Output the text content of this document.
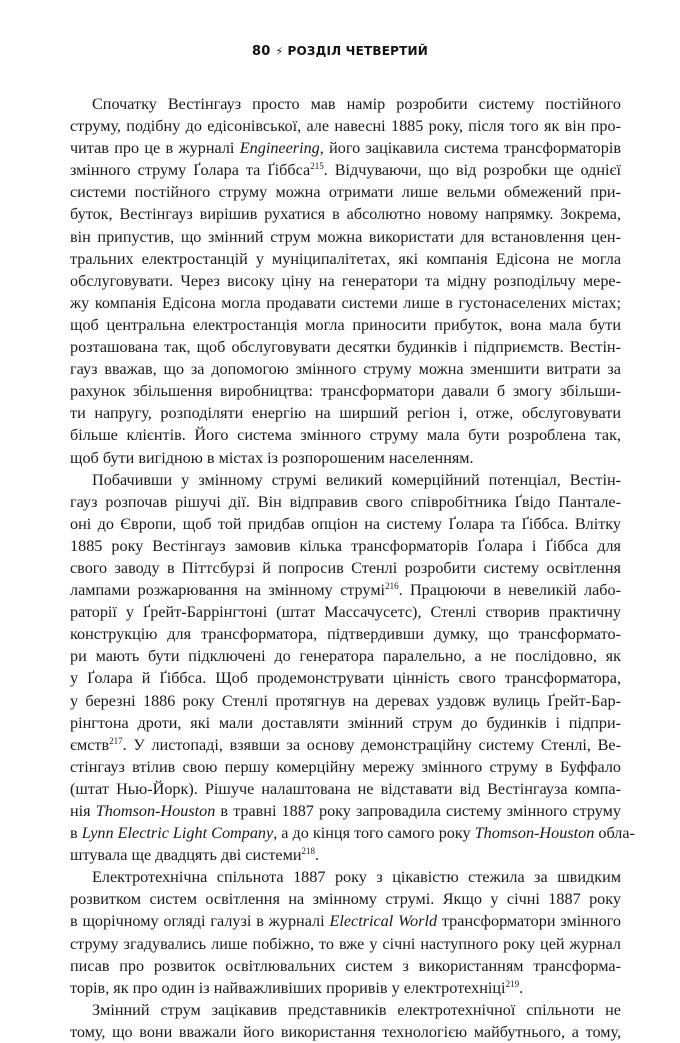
80 ⚡ РОЗДІЛ ЧЕТВЕРТИЙ
Спочатку Вестінгауз просто мав намір розробити систему постійного
струму, подібну до едісонівської, але навесні 1885 року, після того як він про-
читав про це в журналі Engineering, його зацікавила система трансформаторів
змінного струму Ґолара та Ґіббса$^{215}$. Відчуваючи, що від розробки ще однієї
системи постійного струму можна отримати лише вельми обмежений при-
буток, Вестінгауз вирішив рухатися в абсолютно новому напрямку. Зокрема,
він припустив, що змінний струм можна використати для встановлення цен-
тральних електростанцій у муніципалітетах, які компанія Едісона не могла
обслуговувати. Через високу ціну на генератори та мідну розподільчу мере-
жу компанія Едісона могла продавати системи лише в густонаселених містах;
щоб центральна електростанція могла приносити прибуток, вона мала бути
розташована так, щоб обслуговувати десятки будинків і підприємств. Вестін-
гауз вважав, що за допомогою змінного струму можна зменшити витрати за
рахунок збільшення виробництва: трансформатори давали б змогу збільши-
ти напругу, розподіляти енергію на ширший регіон і, отже, обслуговувати
більше клієнтів. Його система змінного струму мала бути розроблена так,
щоб бути вигідною в містах із розпорошеним населенням.
Побачивши у змінному струмі великий комерційний потенціал, Вестін-
гауз розпочав рішучі дії. Він відправив свого співробітника Ґвідо Пантале-
оні до Європи, щоб той придбав опціон на систему Ґолара та Ґіббса. Влітку
1885 року Вестінгауз замовив кілька трансформаторів Ґолара і Ґіббса для
свого заводу в Піттсбурзі й попросив Стенлі розробити систему освітлення
лампами розжарювання на змінному струмі$^{216}$. Працюючи в невеликій лабо-
раторії у Ґрейт-Баррінгтоні (штат Массачусетс), Стенлі створив практичну
конструкцію для трансформатора, підтвердивши думку, що трансформато-
ри мають бути підключені до генератора паралельно, а не послідовно, як
у Ґолара й Ґіббса. Щоб продемонструвати цінність свого трансформатора,
у березні 1886 року Стенлі протягнув на деревах уздовж вулиць Ґрейт-Бар-
рінгтона дроти, які мали доставляти змінний струм до будинків і підпри-
ємств$^{217}$. У листопаді, взявши за основу демонстраційну систему Стенлі, Ве-
стінгауз втілив свою першу комерційну мережу змінного струму в Буффало
(штат Нью-Йорк). Рішуче налаштована не відставати від Вестінгауза компа-
нія Thomson-Houston в травні 1887 року запровадила систему змінного струму
в Lynn Electric Light Company, а до кінця того самого року Thomson-Houston обла-
штувала ще двадцять дві системи$^{218}$.
Електротехнічна спільнота 1887 року з цікавістю стежила за швидким
розвитком систем освітлення на змінному струмі. Якщо у січні 1887 року
в щорічному огляді галузі в журналі Electrical World трансформатори змінного
струму згадувались лише побіжно, то вже у січні наступного року цей журнал
писав про розвиток освітлювальних систем з використанням трансформа-
торів, як про один із найважливіших проривів у електротехніці$^{219}$.
Змінний струм зацікавив представників електротехнічної спільноти не
тому, що вони вважали його використання технологією майбутнього, а тому,
